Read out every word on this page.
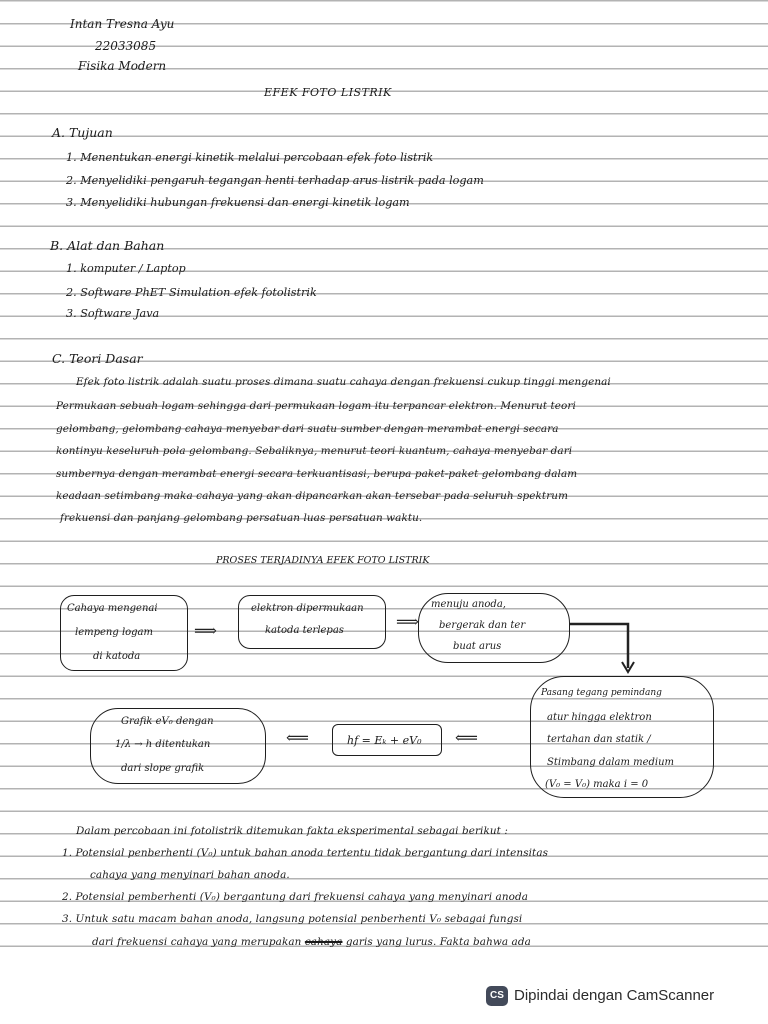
Intan Tresna Ayu
22033085
Fisika Modern
EFEK FOTO LISTRIK
A. Tujuan
1. Menentukan energi kinetik melalui percobaan efek foto listrik
2. Menyelidiki pengaruh tegangan henti terhadap arus listrik pada logam
3. Menyelidiki hubungan frekuensi dan energi kinetik logam
B. Alat dan Bahan
1. komputer / Laptop
2. Software PhET Simulation efek fotolistrik
3. Software Java
C. Teori Dasar
Efek foto listrik adalah suatu proses dimana suatu cahaya dengan frekuensi cukup tinggi mengenai
Permukaan sebuah logam sehingga dari permukaan logam itu terpancar elektron. Menurut teori
gelombang, gelombang cahaya menyebar dari suatu sumber dengan merambat energi secara
kontinyu keseluruh pola gelombang. Sebaliknya, menurut teori kuantum, cahaya menyebar dari
sumbernya dengan merambat energi secara terkuantisasi, berupa paket-paket gelombang dalam
keadaan setimbang maka cahaya yang akan dipancarkan akan tersebar pada seluruh spektrum
frekuensi dan panjang gelombang persatuan luas persatuan waktu.
PROSES TERJADINYA EFEK FOTO LISTRIK
Cahaya mengenai
lempeng logam
di katoda
⟹
elektron dipermukaan
katoda terlepas	⟹
menuju anoda,
bergerak dan ter
buat arus
Pasang tegang pemindang
atur hingga elektron
tertahan dan statik /
Stimbang dalam medium
(V₀ = V₀) maka i = 0
⟸
hf = Eₖ + eV₀
⟸
Grafik eV₀ dengan
1/λ → h ditentukan
dari slope grafik
Dalam percobaan ini fotolistrik ditemukan fakta eksperimental sebagai berikut :
1. Potensial penberhenti (V₀) untuk bahan anoda tertentu tidak bergantung dari intensitas
cahaya yang menyinari bahan anoda.
2. Potensial pemberhenti (V₀) bergantung dari frekuensi cahaya yang menyinari anoda
3. Untuk satu macam bahan anoda, langsung potensial penberhenti V₀ sebagai fungsi
dari frekuensi cahaya yang merupakan cahaya garis yang lurus. Fakta bahwa ada
CS Dipindai dengan CamScanner
